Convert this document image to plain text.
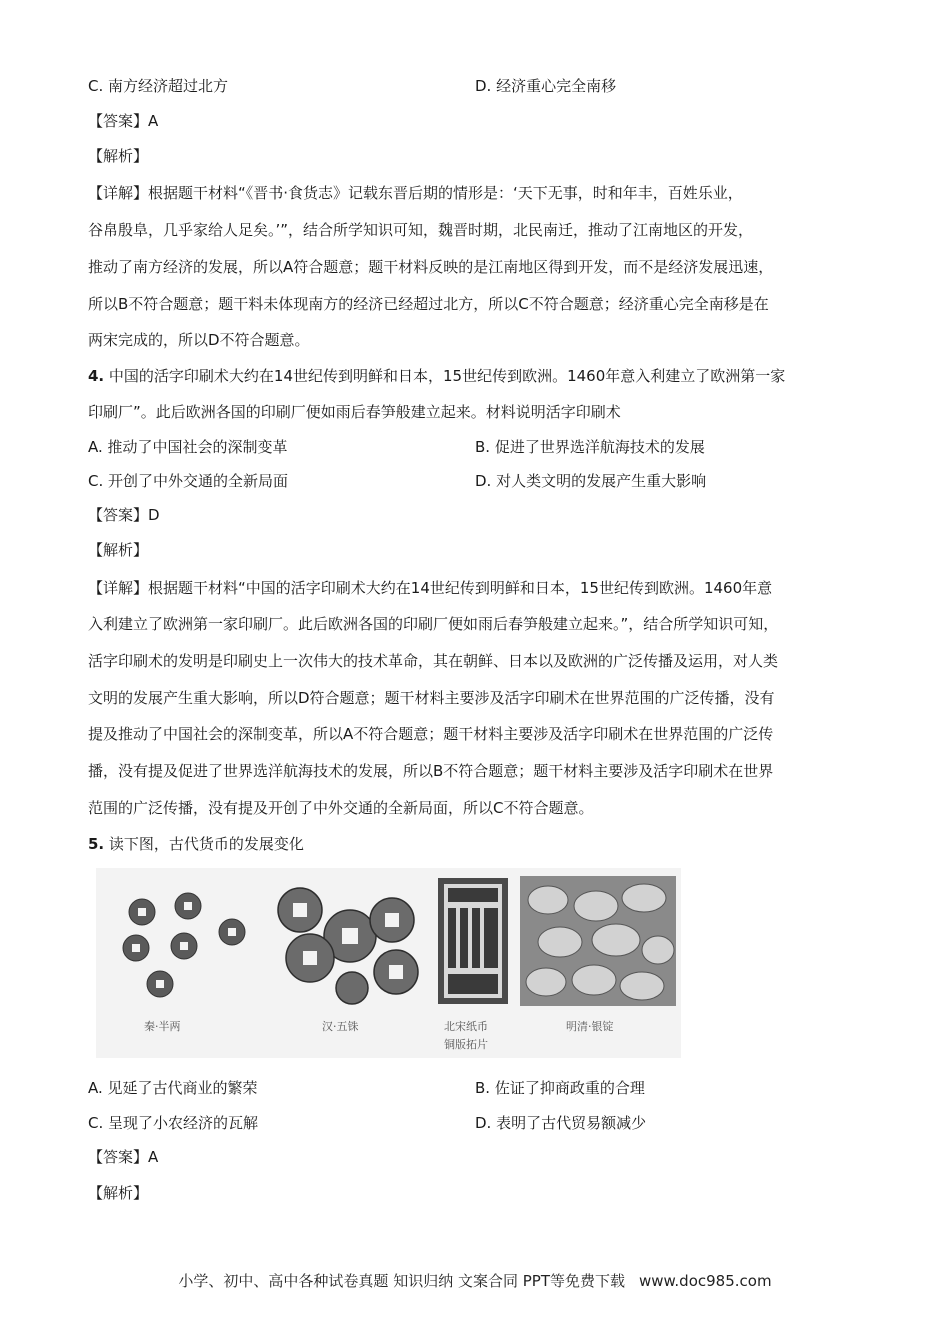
C. 南方经济超过北方	D. 经济重心完全南移
【答案】A
【解析】
【详解】根据题干材料“《晋书·食货志》记载东晋后期的情形是：‘天下无事，时和年丰，百姓乐业，
谷帛殷阜，几乎家给人足矣。’”，结合所学知识可知，魏晋时期，北民南迁，推动了江南地区的开发，
推动了南方经济的发展，所以A符合题意；题干材料反映的是江南地区得到开发，而不是经济发展迅速，
所以B不符合题意；题干料未体现南方的经济已经超过北方，所以C不符合题意；经济重心完全南移是在
两宋完成的，所以D不符合题意。
4. 中国的活字印刷术大约在14世纪传到明鲜和日本，15世纪传到欧洲。1460年意入利建立了欧洲第一家
印刷厂”。此后欧洲各国的印刷厂便如雨后春笋般建立起来。材料说明活字印刷术
A. 推动了中国社会的深制变革	B. 促进了世界选洋航海技术的发展
C. 开创了中外交通的全新局面	D. 对人类文明的发展产生重大影响
【答案】D
【解析】
【详解】根据题干材料“中国的活字印刷术大约在14世纪传到明鲜和日本，15世纪传到欧洲。1460年意
入利建立了欧洲第一家印刷厂。此后欧洲各国的印刷厂便如雨后春笋般建立起来。”，结合所学知识可知，
活字印刷术的发明是印刷史上一次伟大的技术革命，其在朝鲜、日本以及欧洲的广泛传播及运用，对人类
文明的发展产生重大影响，所以D符合题意；题干材料主要涉及活字印刷术在世界范围的广泛传播，没有
提及推动了中国社会的深制变革，所以A不符合题意；题干材料主要涉及活字印刷术在世界范围的广泛传
播，没有提及促进了世界选洋航海技术的发展，所以B不符合题意；题干材料主要涉及活字印刷术在世界
范围的广泛传播，没有提及开创了中外交通的全新局面，所以C不符合题意。
5. 读下图，古代货币的发展变化
秦·半两	汉·五铢	北宋纸币
铜版拓片
明清·银锭
A. 见延了古代商业的繁荣	B. 佐证了抑商政重的合理
C. 呈现了小农经济的瓦解	D. 表明了古代贸易额减少
【答案】A
【解析】
小学、初中、高中各种试卷真题 知识归纳 文案合同 PPT等免费下载 www.doc985.com
